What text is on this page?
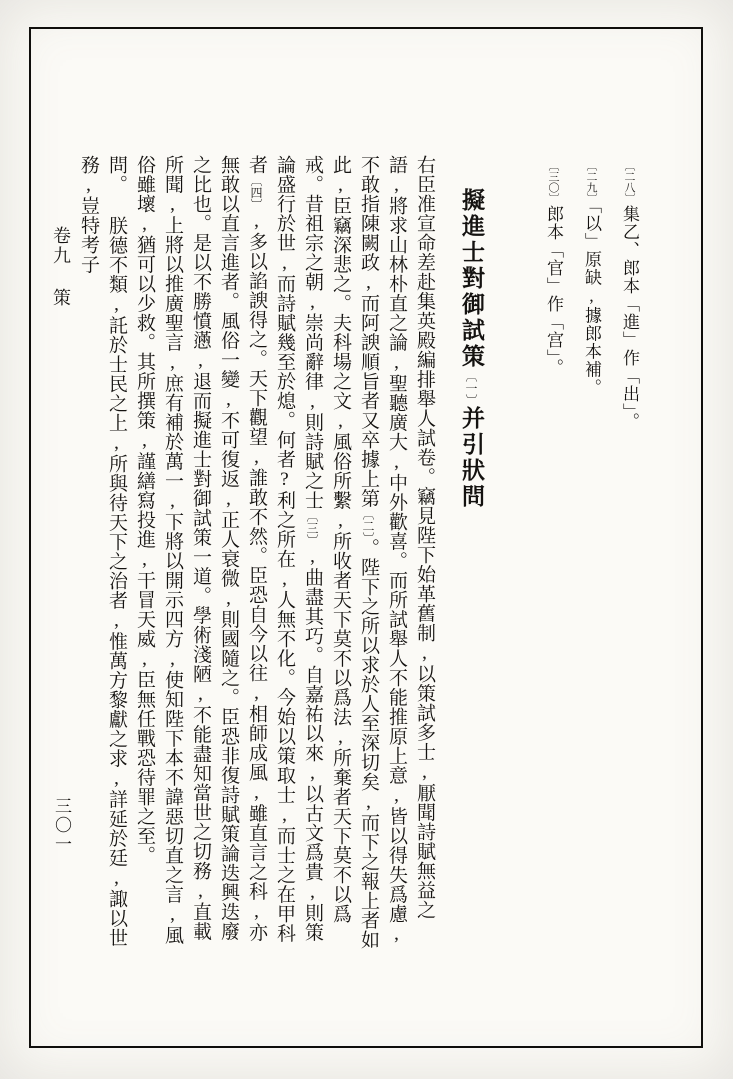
〔二八〕集乙、郎本「進」作「出」。
〔二九〕「以」原缺,據郎本補。
〔三〇〕郎本「官」作「宫」。
擬進士對御試策〔一〕并引狀問

右臣准宣命差赴集英殿編排舉人試卷。竊見陛下始革舊制,以策試多士,厭聞詩賦無益之語,將求山林朴直之論,聖聽廣大,中外歡喜。而所試舉人不能推原上意,皆以得失爲慮,不敢指陳闕政,而阿諛順旨者又卒據上第〔二〕。陛下之所以求於人至深切矣,而下之報上者如此,臣竊深悲之。夫科場之文,風俗所繫,所收者天下莫不以爲法,所棄者天下莫不以爲戒。昔祖宗之朝,崇尚辭律,則詩賦之士〔三〕,曲盡其巧。自嘉祐以來,以古文爲貴,則策論盛行於世,而詩賦幾至於熄。何者?利之所在,人無不化。今始以策取士,而士之在甲科者〔四〕,多以諂諛得之。天下觀望,誰敢不然。臣恐自今以往,相師成風,雖直言之科,亦無敢以直言進者。風俗一變,不可復返,正人衰微,則國隨之。臣恐非復詩賦策論迭興迭廢之比也。是以不勝憤懣,退而擬進士對御試策一道。學術淺陋,不能盡知當世之切務,直載所聞,上將以推廣聖言,庶有補於萬一,下將以開示四方,使知陛下本不諱惡切直之言,風俗雖壞,猶可以少救。其所撰策,謹繕寫投進,干冒天威,臣無任戰恐待罪之至。

問。朕德不類,託於士民之上,所與待天下之治者,惟萬方黎獻之求,詳延於廷,諏以世務,豈特考子

卷九策
三〇一
